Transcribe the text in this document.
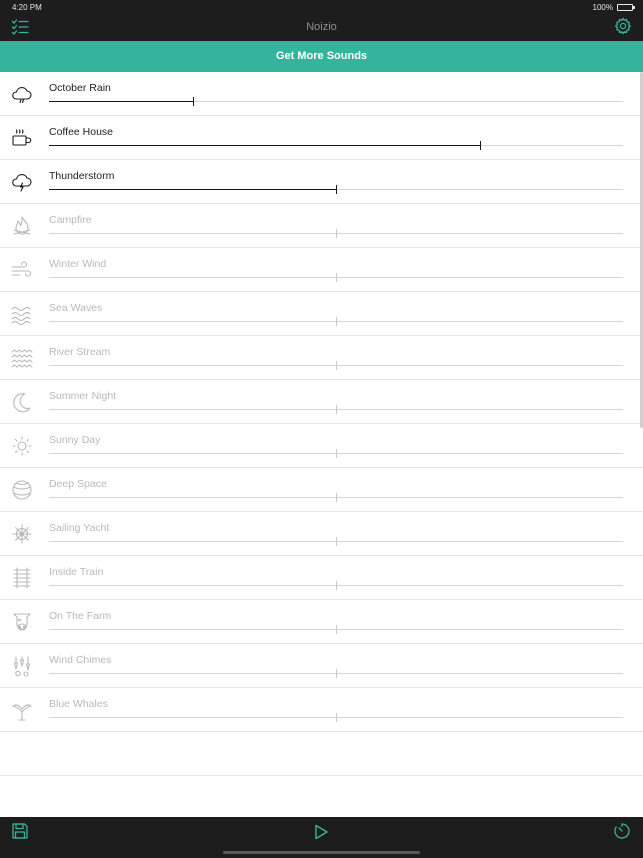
4:20 PM	100%
Noizio
Get More Sounds
October Rain
Coffee House
Thunderstorm
Campfire
Winter Wind
Sea Waves
River Stream
Summer Night
Sunny Day
Deep Space
Sailing Yacht
Inside Train
On The Farm
Wind Chimes
Blue Whales
